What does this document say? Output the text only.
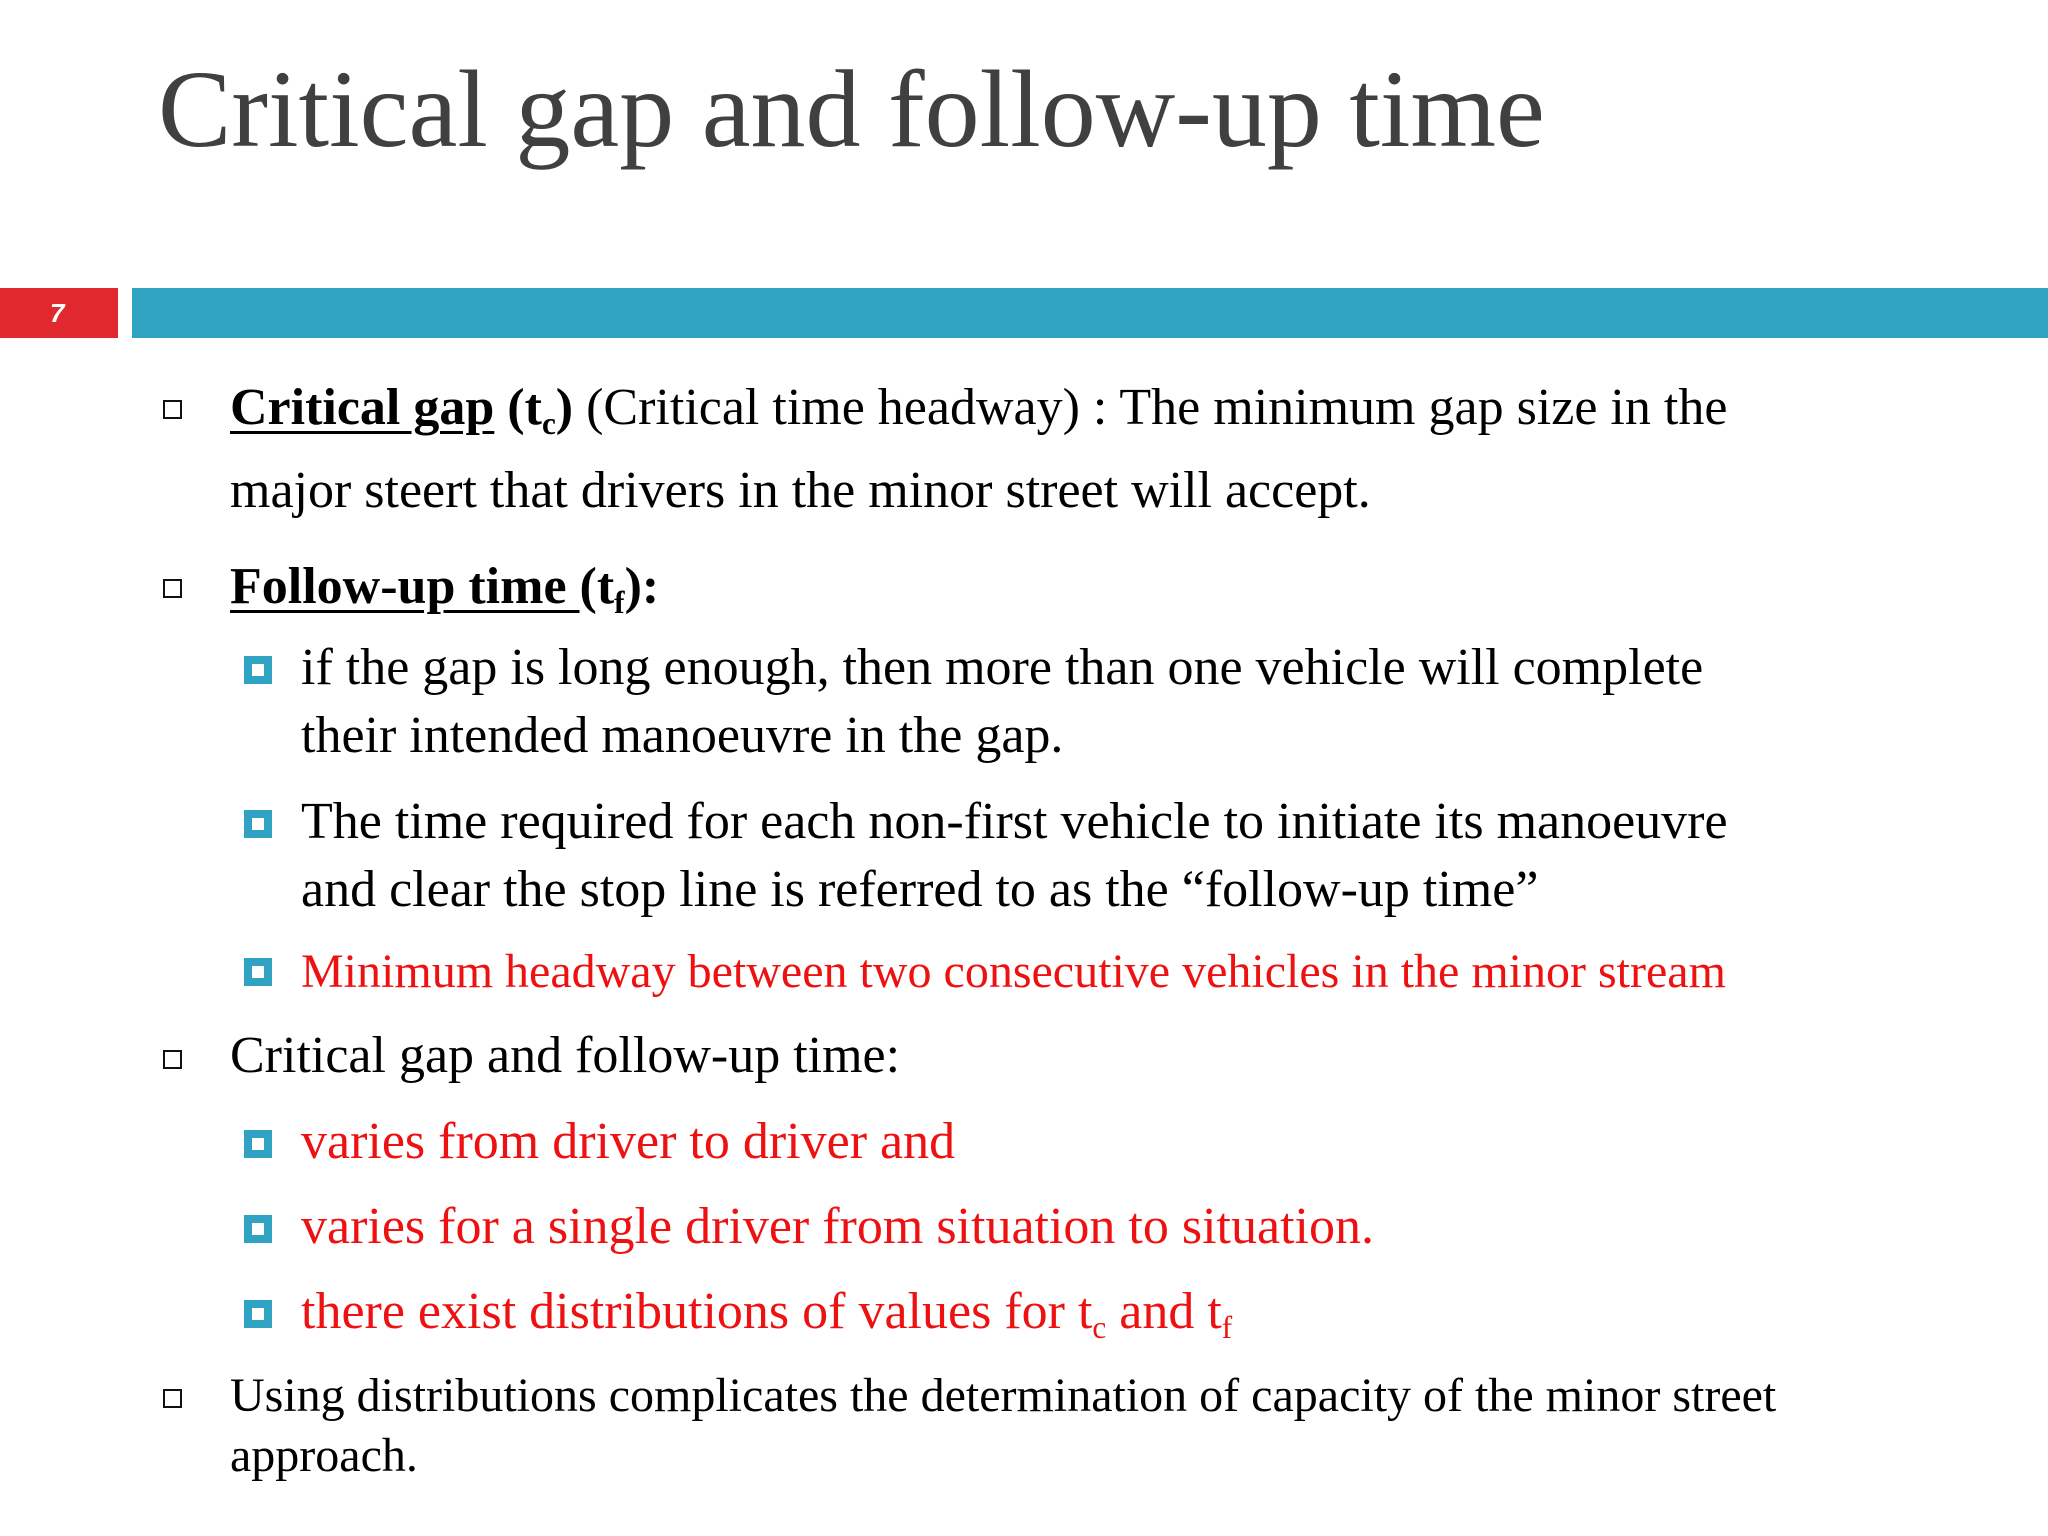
Critical gap and follow-up time
7
Critical gap $(t_c)$ (Critical time headway) : The minimum gap size in the
major steert that drivers in the minor street will accept.
Follow-up time $(t_f)$:
if the gap is long enough, then more than one vehicle will complete
their intended manoeuvre in the gap.
The time required for each non-first vehicle to initiate its manoeuvre
and clear the stop line is referred to as the “follow-up time”
Minimum headway between two consecutive vehicles in the minor stream
Critical gap and follow-up time:
varies from driver to driver and
varies for a single driver from situation to situation.
there exist distributions of values for $t_c$ and $t_f$
Using distributions complicates the determination of capacity of the minor street
approach.
